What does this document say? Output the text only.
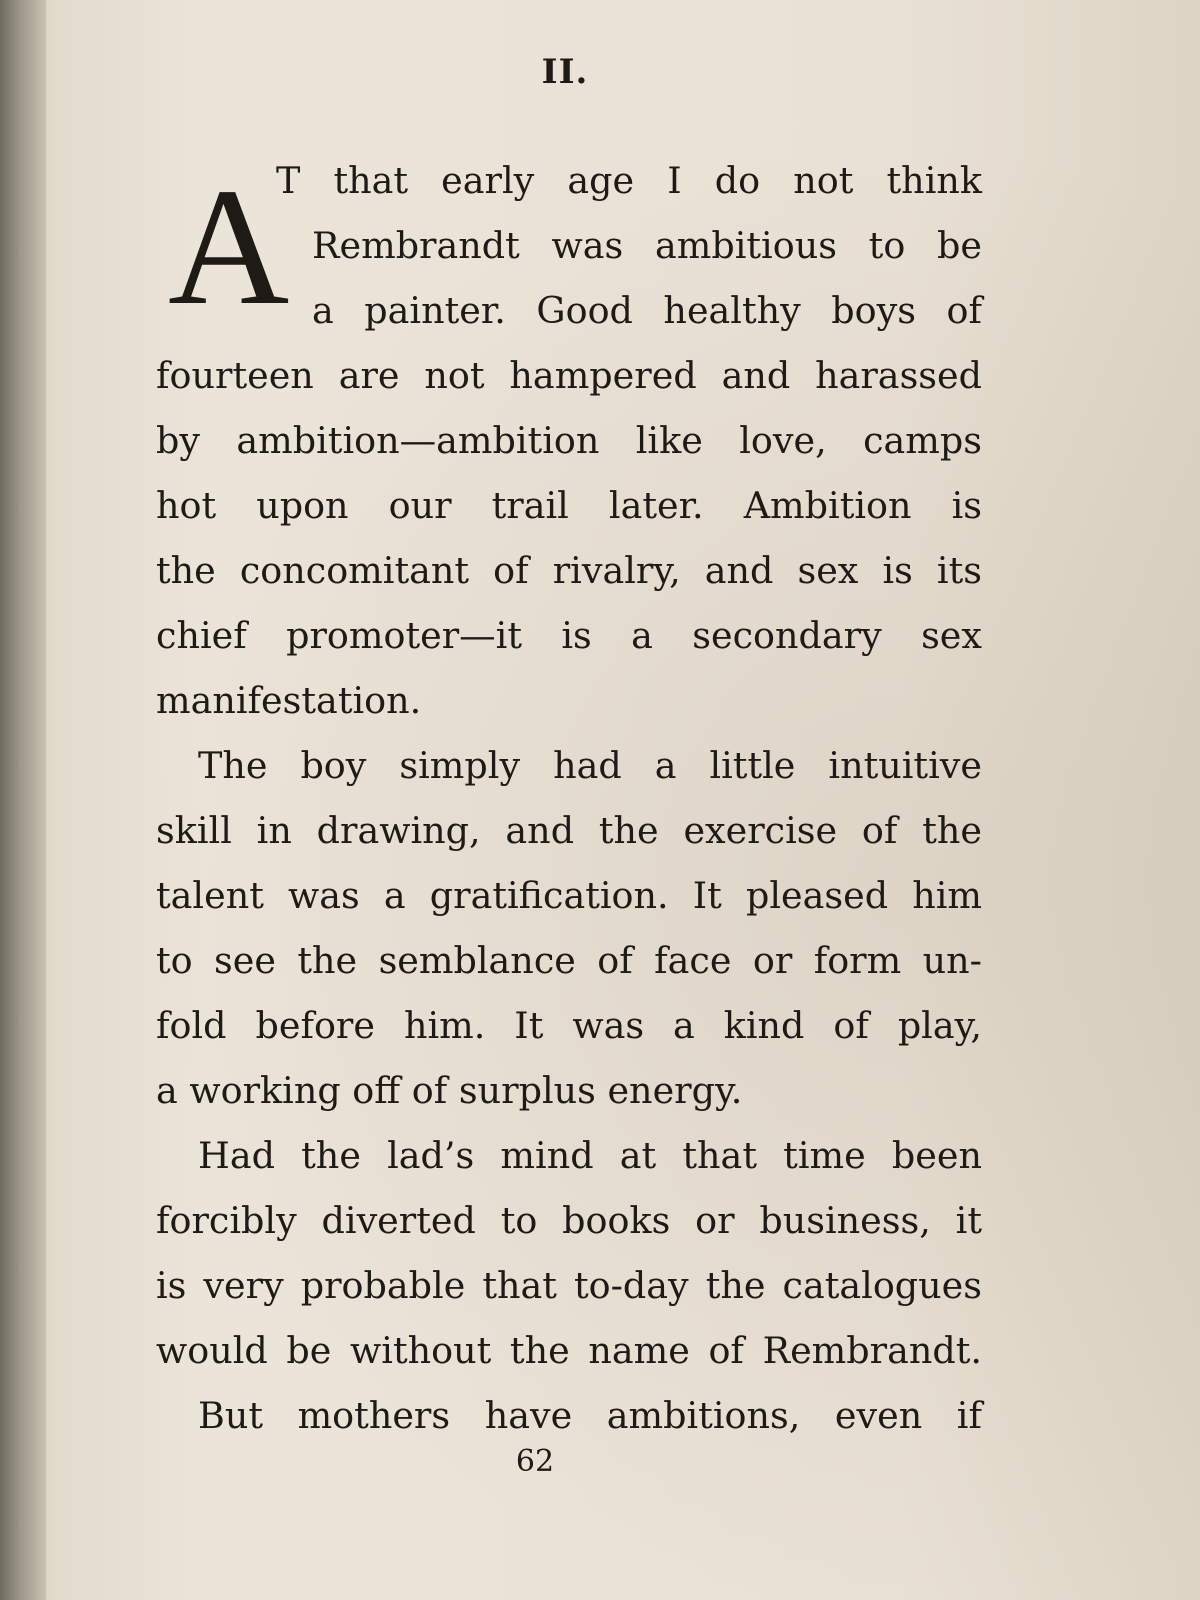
II.
A
T that early age I do not think
Rembrandt was ambitious to be
a painter. Good healthy boys of
fourteen are not hampered and harassed
by ambition—ambition like love, camps
hot upon our trail later. Ambition is
the concomitant of rivalry, and sex is its
chief promoter—it is a secondary sex
manifestation.
The boy simply had a little intuitive
skill in drawing, and the exercise of the
talent was a gratification. It pleased him
to see the semblance of face or form un-
fold before him. It was a kind of play,
a working off of surplus energy.
Had the lad’s mind at that time been
forcibly diverted to books or business, it
is very probable that to-day the catalogues
would be without the name of Rembrandt.
But mothers have ambitions, even if
62
